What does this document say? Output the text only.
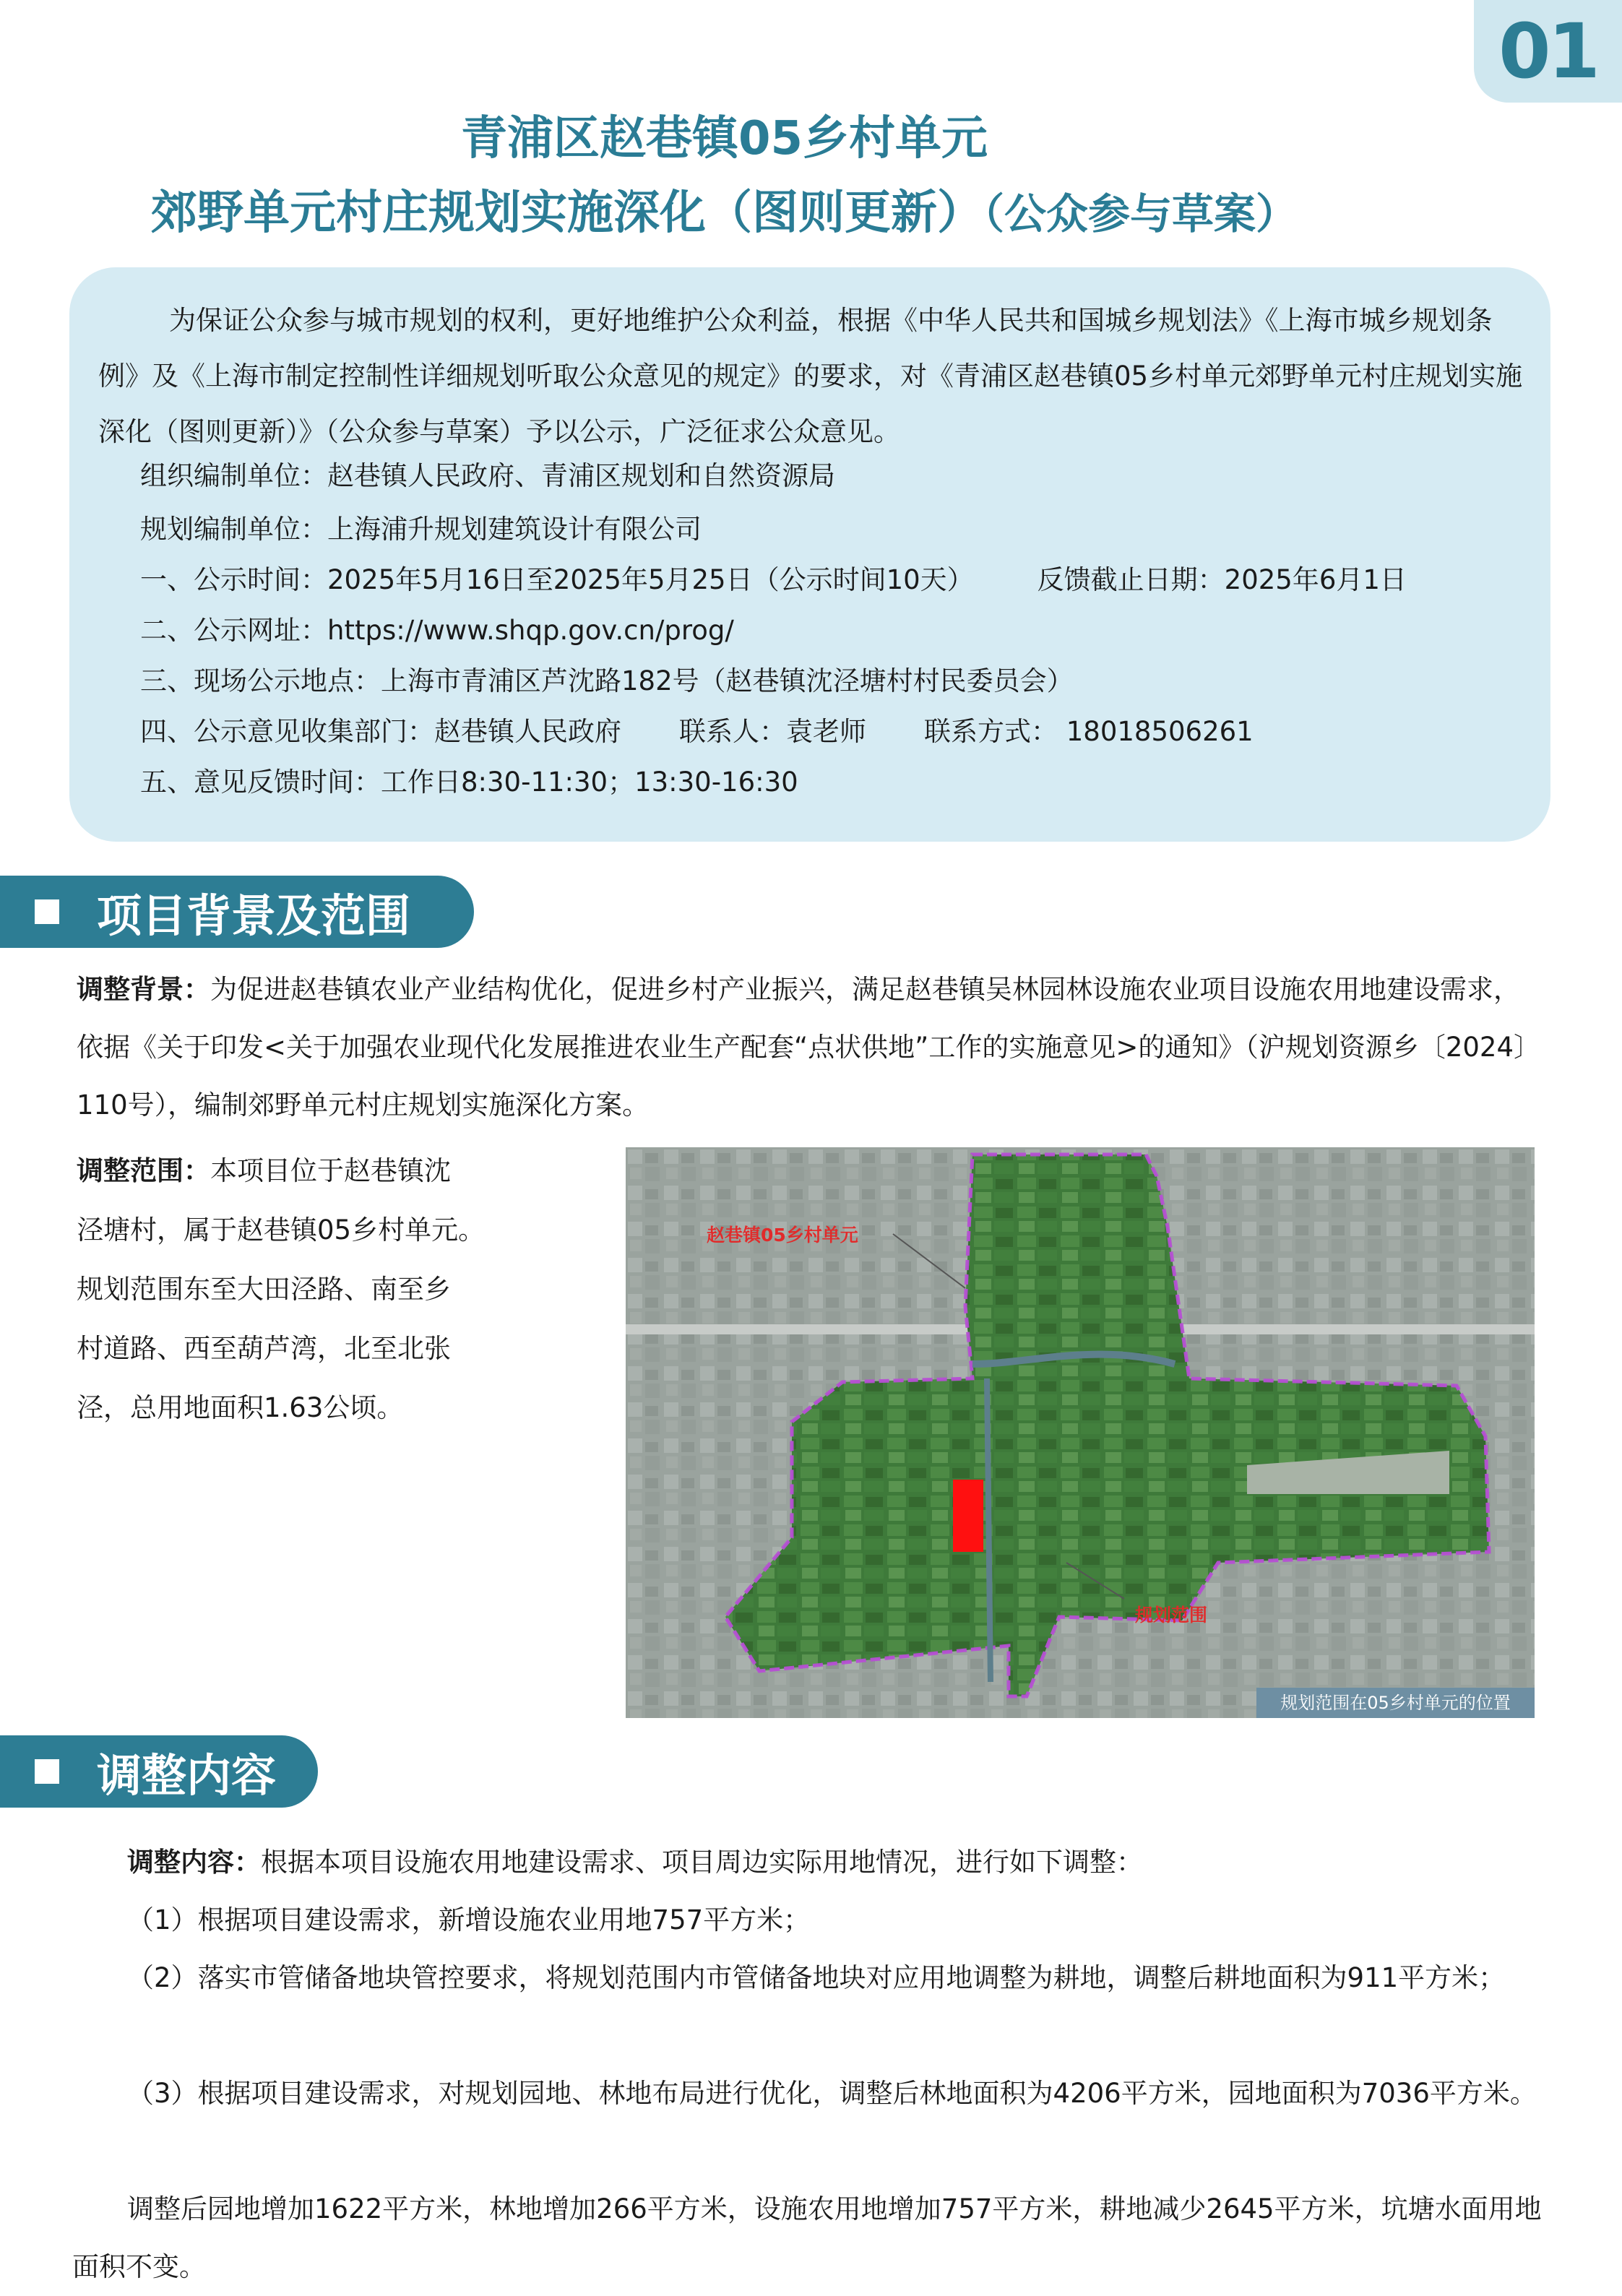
01
青浦区赵巷镇05乡村单元
郊野单元村庄规划实施深化（图则更新）（公众参与草案）

为保证公众参与城市规划的权利，更好地维护公众利益，根据《中华人民共和国城乡规划法》《上海市城乡规划条例》及《上海市制定控制性详细规划听取公众意见的规定》的要求，对《青浦区赵巷镇05乡村单元郊野单元村庄规划实施深化（图则更新）》（公众参与草案）予以公示，广泛征求公众意见。

组织编制单位：赵巷镇人民政府、青浦区规划和自然资源局
规划编制单位：上海浦升规划建筑设计有限公司
一、公示时间：2025年5月16日至2025年5月25日（公示时间10天） 反馈截止日期：2025年6月1日
二、公示网址：https://www.shqp.gov.cn/prog/
三、现场公示地点：上海市青浦区芦沈路182号（赵巷镇沈泾塘村村民委员会）
四、公示意见收集部门：赵巷镇人民政府 联系人：袁老师 联系方式： 18018506261
五、意见反馈时间：工作日8:30-11:30；13:30-16:30
项目背景及范围

调整背景：为促进赵巷镇农业产业结构优化，促进乡村产业振兴，满足赵巷镇吴林园林设施农业项目设施农用地建设需求，依据《关于印发<关于加强农业现代化发展推进农业生产配套“点状供地”工作的实施意见>的通知》（沪规划资源乡〔2024〕110号），编制郊野单元村庄规划实施深化方案。

调整范围：本项目位于赵巷镇沈
泾塘村，属于赵巷镇05乡村单元。
规划范围东至大田泾路、南至乡
村道路、西至葫芦湾，北至北张
泾，总用地面积1.63公顷。
赵巷镇05乡村单元
规划范围
规划范围在05乡村单元的位置
调整内容

调整内容：根据本项目设施农用地建设需求、项目周边实际用地情况，进行如下调整：

（1）根据项目建设需求，新增设施农业用地757平方米；

（2）落实市管储备地块管控要求，将规划范围内市管储备地块对应用地调整为耕地，调整后耕地面积为911平方米；

（3）根据项目建设需求，对规划园地、林地布局进行优化，调整后林地面积为4206平方米，园地面积为7036平方米。

调整后园地增加1622平方米，林地增加266平方米，设施农用地增加757平方米，耕地减少2645平方米，坑塘水面用地面积不变。
